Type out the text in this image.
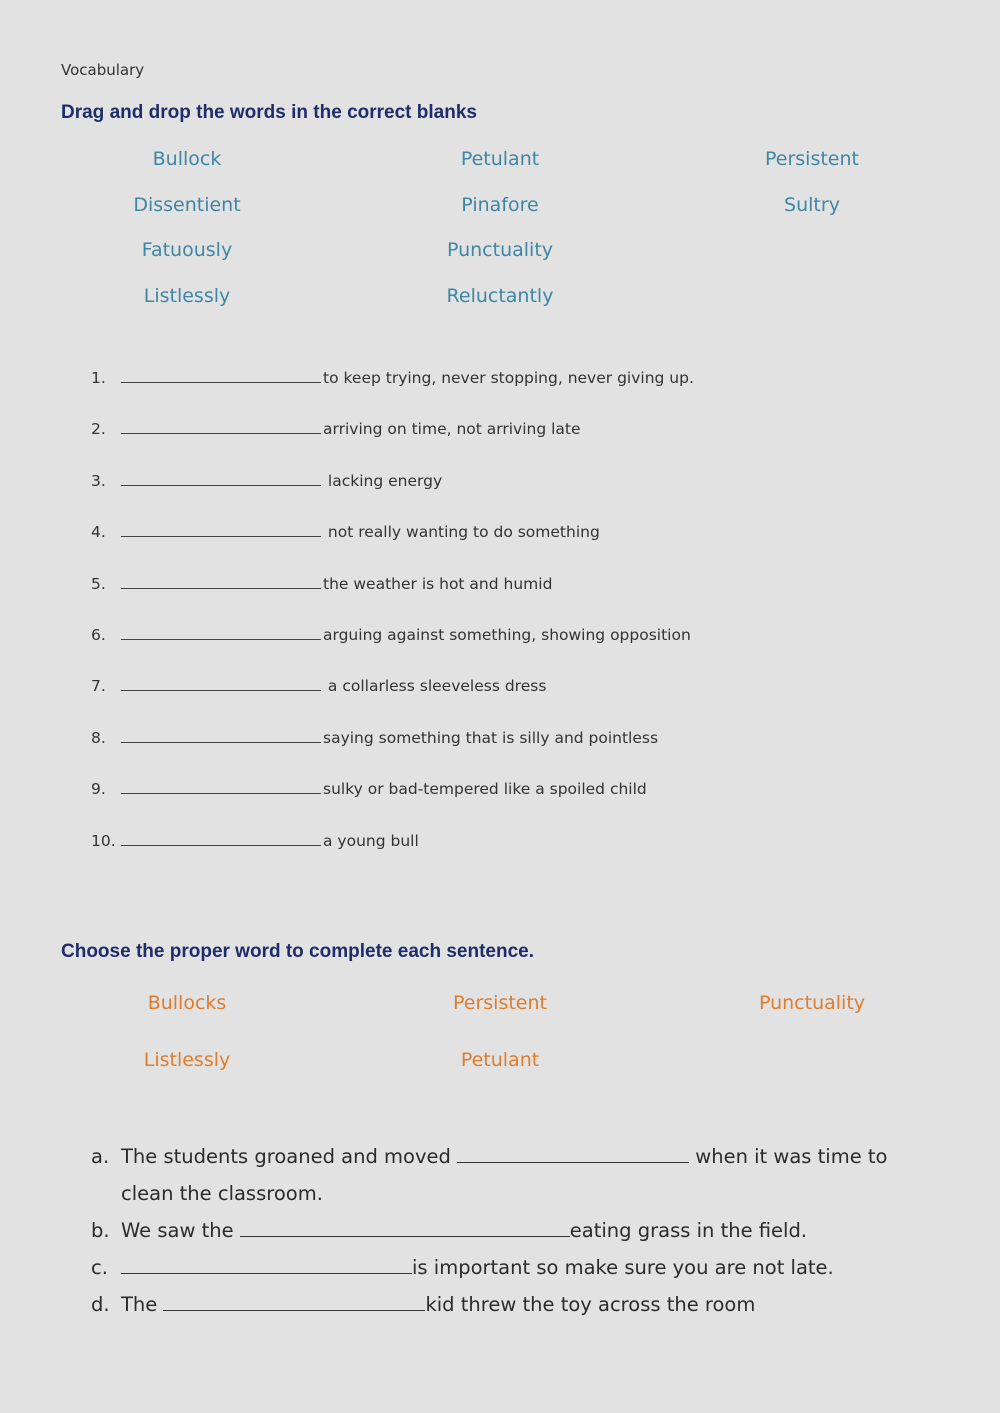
Vocabulary
Drag and drop the words in the correct blanks
Bullock	Petulant	Persistent
Dissentient	Pinafore	Sultry
Fatuously	Punctuality
Listlessly	Reluctantly
1.	to keep trying, never stopping, never giving up.
2.	arriving on time, not arriving late
3.	lacking energy
4.	not really wanting to do something
5.	the weather is hot and humid
6.	arguing against something, showing opposition
7.	a collarless sleeveless dress
8.	saying something that is silly and pointless
9.	sulky or bad-tempered like a spoiled child
10.	a young bull
Choose the proper word to complete each sentence.
Bullocks	Persistent	Punctuality
Listlessly	Petulant
a. The students groaned and moved	when it was time to
clean the classroom.
b. We saw the	eating grass in the field.
c.	is important so make sure you are not late.
d. The	kid threw the toy across the room
